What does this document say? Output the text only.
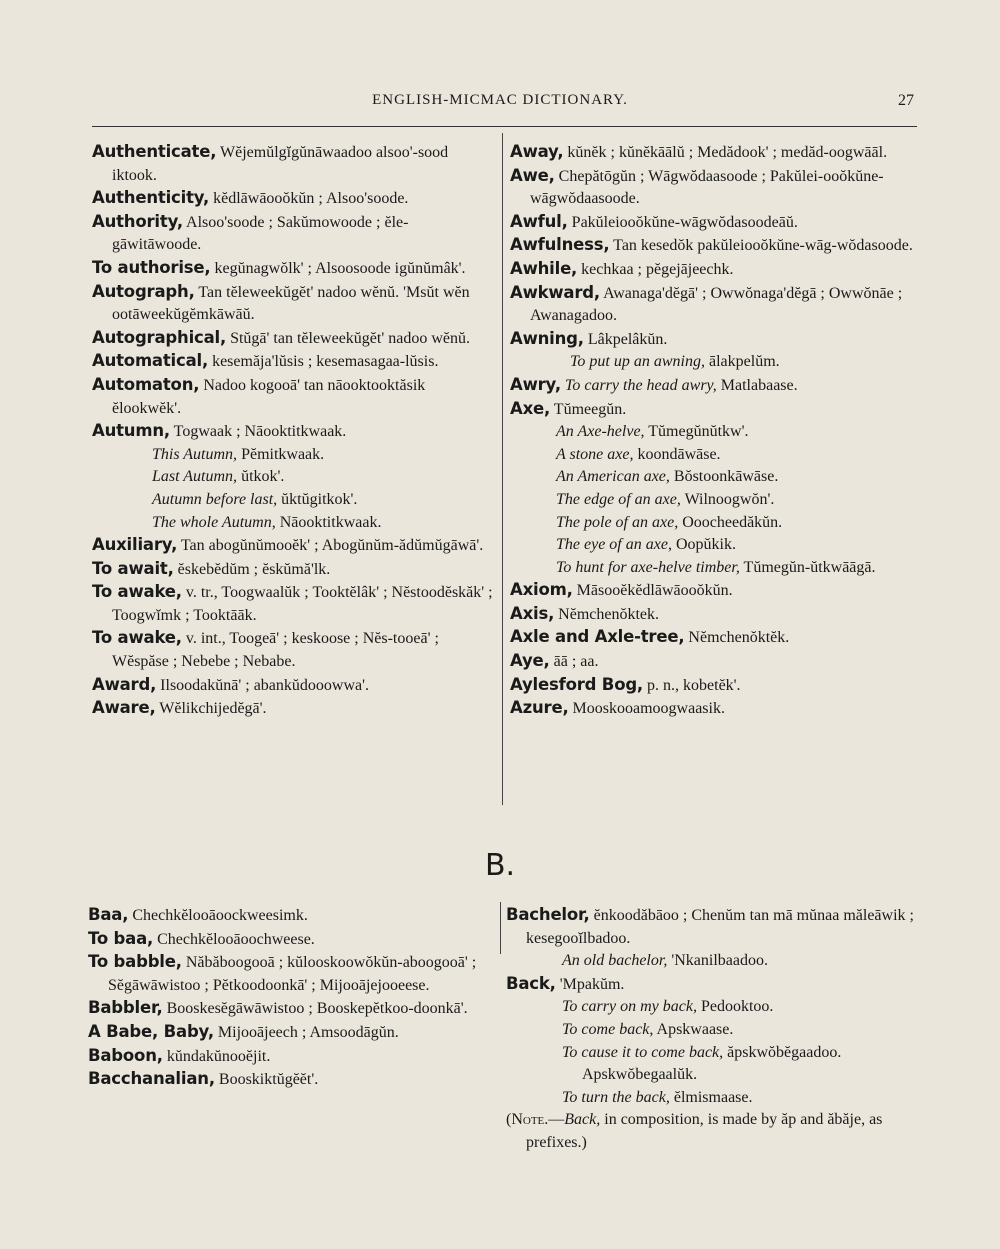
ENGLISH-MICMAC DICTIONARY.	27
Authenticate, Wĕjemŭlgĭgŭnāwaadoo alsoo'-sood iktook.
Authenticity, kĕdlāwāooŏkŭn ; Alsoo'soode.
Authority, Alsoo'soode ; Sakŭmowoode ; ĕle-gāwitāwoode.
To authorise, kegŭnagwŏlk' ; Alsoosoode igŭnŭmâk'.
Autograph, Tan tĕleweekŭgĕt' nadoo wĕnŭ. 'Msŭt wĕn ootāweekŭgĕmkāwāŭ.
Autographical, Stŭgā' tan tĕleweekŭgĕt' nadoo wĕnŭ.
Automatical, kesemăja'lŭsis ; kesemasagaa-lŭsis.
Automaton, Nadoo kogooā' tan nāooktooktăsik ĕlookwĕk'.
Autumn, Togwaak ; Nāooktitkwaak.
This Autumn, Pĕmitkwaak.
Last Autumn, ŭtkok'.
Autumn before last, ŭktŭgitkok'.
The whole Autumn, Nāooktitkwaak.
Auxiliary, Tan abogŭnŭmooĕk' ; Abogŭnŭm-ădŭmŭgāwā'.
To await, ĕskebĕdŭm ; ĕskŭmă'lk.
To awake, v. tr., Toogwaalŭk ; Tooktĕlâk' ; Nĕstoodĕskăk' ; Toogwĭmk ; Tooktāāk.
To awake, v. int., Toogeā' ; keskoose ; Nĕs-tooeā' ; Wĕspăse ; Nebebe ; Nebabe.
Award, Ilsoodakŭnā' ; abankŭdooowwa'.
Aware, Wĕlikchijedĕgā'.
Away, kŭnĕk ; kŭnĕkāālŭ ; Medădook' ; medăd-oogwāāl.
Awe, Chepătōgŭn ; Wāgwŏdaasoode ; Pakŭlei-ooŏkŭne-wāgwŏdaasoode.
Awful, Pakŭleiooŏkŭne-wāgwŏdasoodeāŭ.
Awfulness, Tan kesedŏk pakŭleiooŏkŭne-wāg-wŏdasoode.
Awhile, kechkaa ; pĕgejājeechk.
Awkward, Awanaga'dĕgā' ; Owwŏnaga'dĕgā ; Owwŏnāe ; Awanagadoo.
Awning, Lâkpelâkŭn.
To put up an awning, ālakpelŭm.
Awry, To carry the head awry, Matlabaase.
Axe, Tŭmeegŭn.
An Axe-helve, Tŭmegŭnŭtkw'.
A stone axe, koondāwāse.
An American axe, Bŏstoonkāwāse.
The edge of an axe, Wilnoogwŏn'.
The pole of an axe, Ooocheedăkŭn.
The eye of an axe, Oopŭkik.
To hunt for axe-helve timber, Tŭmegŭn-ŭtkwāāgā.
Axiom, Māsooĕkĕdlāwāooŏkŭn.
Axis, Nĕmchenŏktek.
Axle and Axle-tree, Nĕmchenŏktĕk.
Aye, āā ; aa.
Aylesford Bog, p. n., kobetĕk'.
Azure, Mooskooamoogwaasik.
B.
Baa, Chechkĕlooāoockweesimk.
To baa, Chechkĕlooāoochweese.
To babble, Năbăboogooā ; kŭlooskoowŏkŭn-aboogooā' ; Sĕgāwāwistoo ; Pĕtkoodoonkā' ; Mijooājejooeese.
Babbler, Booskesĕgāwāwistoo ; Booskepĕtkoo-doonkā'.
A Babe, Baby, Mijooājeech ; Amsoodāgŭn.
Baboon, kŭndakŭnooĕjit.
Bacchanalian, Booskiktŭgĕĕt'.
Bachelor, ĕnkoodăbāoo ; Chenŭm tan mā mŭnaa măleāwik ; kesegooĭlbadoo.
An old bachelor, 'Nkanilbaadoo.
Back, 'Mpakŭm.
To carry on my back, Pedooktoo.
To come back, Apskwaase.
To cause it to come back, ăpskwŏbĕgaadoo. Apskwŏbegaalŭk.
To turn the back, ĕlmismaase.
(Note.—Back, in composition, is made by ăp and ăbăje, as prefixes.)
